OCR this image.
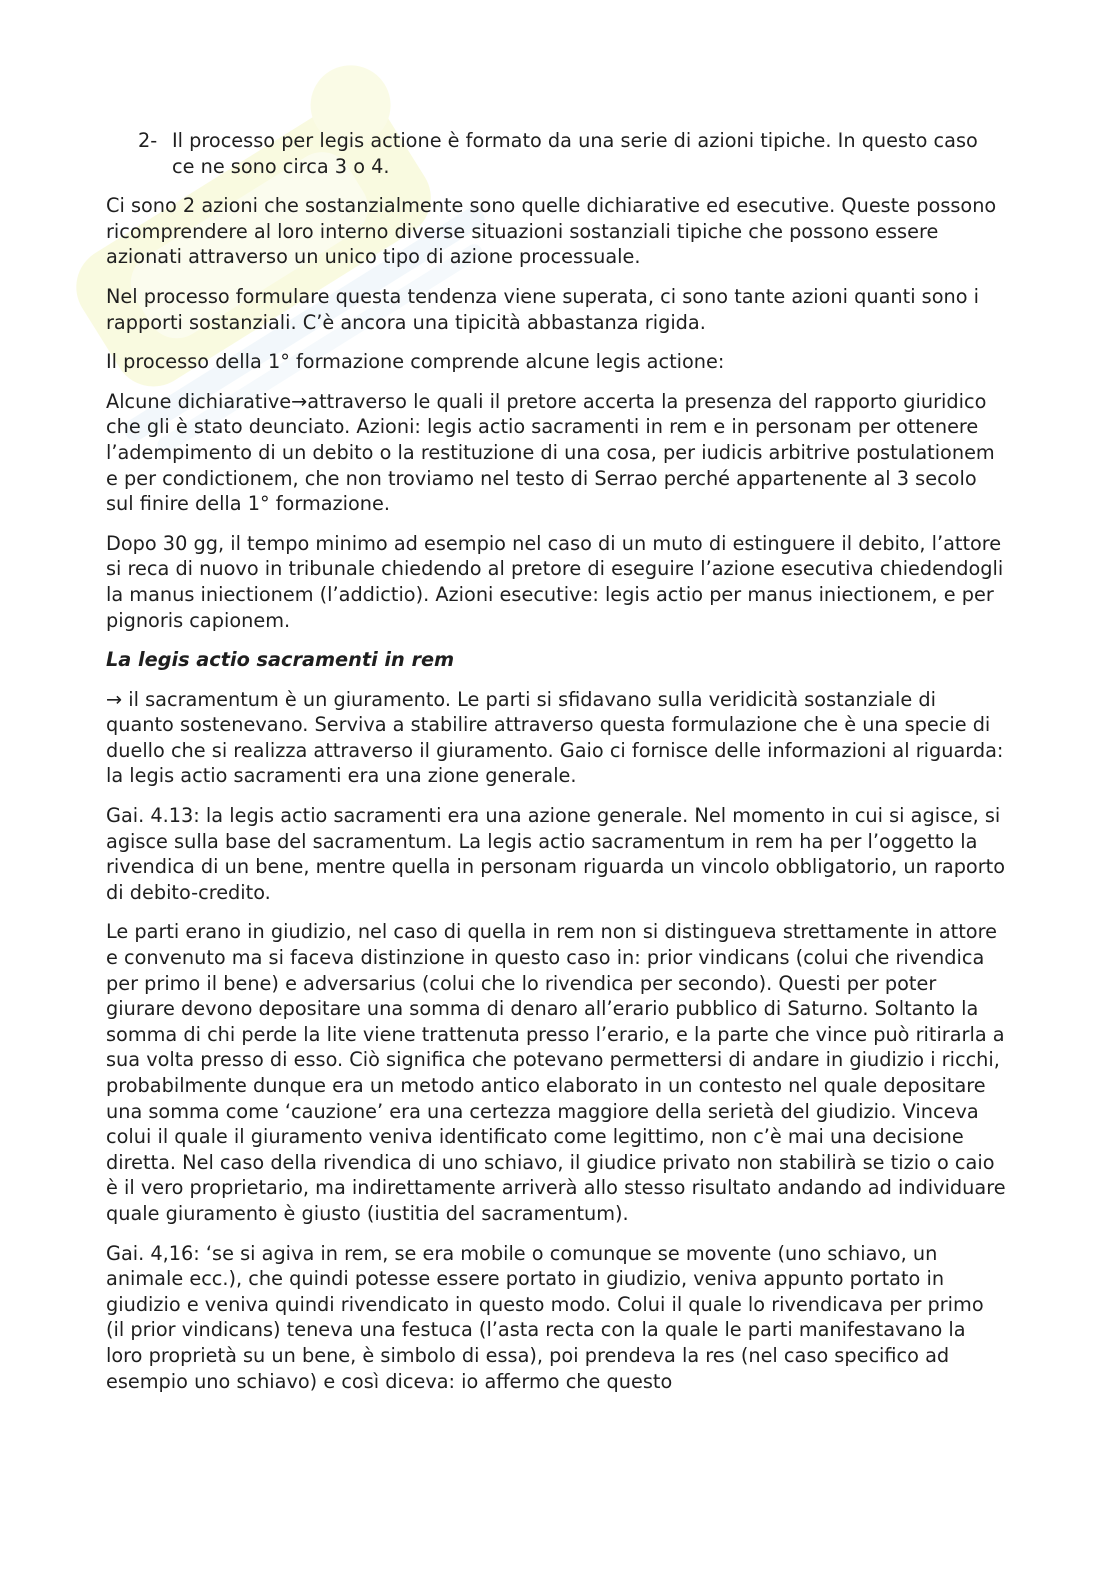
2- Il processo per legis actione è formato da una serie di azioni tipiche. In questo caso ce ne sono circa 3 o 4.

Ci sono 2 azioni che sostanzialmente sono quelle dichiarative ed esecutive. Queste possono ricomprendere al loro interno diverse situazioni sostanziali tipiche che possono essere azionati attraverso un unico tipo di azione processuale.

Nel processo formulare questa tendenza viene superata, ci sono tante azioni quanti sono i rapporti sostanziali. C’è ancora una tipicità abbastanza rigida.

Il processo della 1° formazione comprende alcune legis actione:

Alcune dichiarative→attraverso le quali il pretore accerta la presenza del rapporto giuridico che gli è stato deunciato. Azioni: legis actio sacramenti in rem e in personam per ottenere l’adempimento di un debito o la restituzione di una cosa, per iudicis arbitrive postulationem e per condictionem, che non troviamo nel testo di Serrao perché appartenente al 3 secolo sul finire della 1° formazione.

Dopo 30 gg, il tempo minimo ad esempio nel caso di un muto di estinguere il debito, l’attore si reca di nuovo in tribunale chiedendo al pretore di eseguire l’azione esecutiva chiedendogli la manus iniectionem (l’addictio). Azioni esecutive: legis actio per manus iniectionem, e per pignoris capionem.

La legis actio sacramenti in rem

→ il sacramentum è un giuramento. Le parti si sfidavano sulla veridicità sostanziale di quanto sostenevano. Serviva a stabilire attraverso questa formulazione che è una specie di duello che si realizza attraverso il giuramento. Gaio ci fornisce delle informazioni al riguarda: la legis actio sacramenti era una zione generale.

Gai. 4.13: la legis actio sacramenti era una azione generale. Nel momento in cui si agisce, si agisce sulla base del sacramentum. La legis actio sacramentum in rem ha per l’oggetto la rivendica di un bene, mentre quella in personam riguarda un vincolo obbligatorio, un raporto di debito-credito.

Le parti erano in giudizio, nel caso di quella in rem non si distingueva strettamente in attore e convenuto ma si faceva distinzione in questo caso in: prior vindicans (colui che rivendica per primo il bene) e adversarius (colui che lo rivendica per secondo). Questi per poter giurare devono depositare una somma di denaro all’erario pubblico di Saturno. Soltanto la somma di chi perde la lite viene trattenuta presso l’erario, e la parte che vince può ritirarla a sua volta presso di esso. Ciò significa che potevano permettersi di andare in giudizio i ricchi, probabilmente dunque era un metodo antico elaborato in un contesto nel quale depositare una somma come ‘cauzione’ era una certezza maggiore della serietà del giudizio. Vinceva colui il quale il giuramento veniva identificato come legittimo, non c’è mai una decisione diretta. Nel caso della rivendica di uno schiavo, il giudice privato non stabilirà se tizio o caio è il vero proprietario, ma indirettamente arriverà allo stesso risultato andando ad individuare quale giuramento è giusto (iustitia del sacramentum).

Gai. 4,16: ‘se si agiva in rem, se era mobile o comunque se movente (uno schiavo, un animale ecc.), che quindi potesse essere portato in giudizio, veniva appunto portato in giudizio e veniva quindi rivendicato in questo modo. Colui il quale lo rivendicava per primo (il prior vindicans) teneva una festuca (l’asta recta con la quale le parti manifestavano la loro proprietà su un bene, è simbolo di essa), poi prendeva la res (nel caso specifico ad esempio uno schiavo) e così diceva: io affermo che questo
